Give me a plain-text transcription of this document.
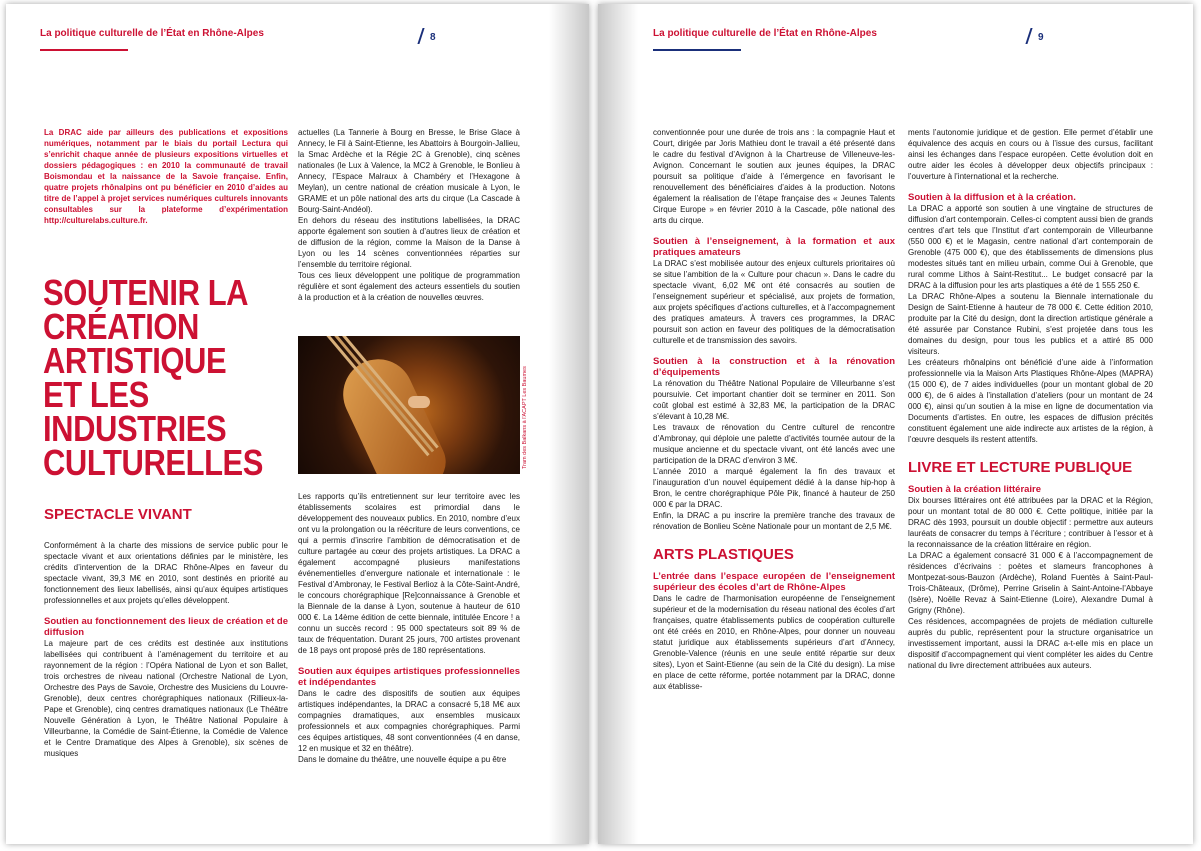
La politique culturelle de l’État en Rhône-Alpes	8
La DRAC aide par ailleurs des publications et expositions numériques, notamment par le biais du portail Lectura qui s’enrichit chaque année de plusieurs expositions virtuelles et dossiers pédagogiques : en 2010 la communauté de travail Boismondau et la naissance de la Savoie française. Enfin, quatre projets rhônalpins ont pu bénéficier en 2010 d’aides au titre de l’appel à projet services numériques culturels innovants consultables sur la plateforme d’expérimentation http://culturelabs.culture.fr.
SOUTENIR LA CRÉATION ARTISTIQUE ET LES INDUSTRIES CULTURELLES

SPECTACLE VIVANT

Conformément à la charte des missions de service public pour le spectacle vivant et aux orientations définies par le ministère, les crédits d’intervention de la DRAC Rhône-Alpes en faveur du spectacle vivant, 39,3 M€ en 2010, sont destinés en priorité au fonctionnement des lieux labellisés, ainsi qu’aux équipes artistiques professionnelles et aux projets qu’elles développent.

Soutien au fonctionnement des lieux de création et de diffusion

La majeure part de ces crédits est destinée aux institutions labellisées qui contribuent à l’aménagement du territoire et au rayonnement de la région : l’Opéra National de Lyon et son Ballet, trois orchestres de niveau national (Orchestre National de Lyon, Orchestre des Pays de Savoie, Orchestre des Musiciens du Louvre-Grenoble), deux centres chorégraphiques nationaux (Rillieux-la-Pape et Grenoble), cinq centres dramatiques nationaux (Le Théâtre Nouvelle Génération à Lyon, le Théâtre National Populaire à Villeurbanne, la Comédie de Saint-Étienne, la Comédie de Valence et le Centre Dramatique des Alpes à Grenoble), six scènes de musiques

actuelles (La Tannerie à Bourg en Bresse, le Brise Glace à Annecy, le Fil à Saint-Etienne, les Abattoirs à Bourgoin-Jallieu, la Smac Ardèche et la Régie 2C à Grenoble), cinq scènes nationales (le Lux à Valence, la MC2 à Grenoble, le Bonlieu à Annecy, l’Espace Malraux à Chambéry et l’Hexagone à Meylan), un centre national de création musicale à Lyon, le GRAME et un pôle national des arts du cirque (La Cascade à Bourg-Saint-Andéol).

En dehors du réseau des institutions labellisées, la DRAC apporte également son soutien à d’autres lieux de création et de diffusion de la région, comme la Maison de la Danse à Lyon ou les 14 scènes conventionnées réparties sur l’ensemble du territoire régional.

Tous ces lieux développent une politique de programmation régulière et sont également des acteurs essentiels du soutien à la production et à la création de nouvelles œuvres.

Tram des Balkans à l'ACAPT Les Baumes

Les rapports qu’ils entretiennent sur leur territoire avec les établissements scolaires est primordial dans le développement des nouveaux publics. En 2010, nombre d’eux ont vu la prolongation ou la réécriture de leurs conventions, ce qui a permis d’inscrire l’ambition de démocratisation et de culture partagée au cœur des projets artistiques. La DRAC a également accompagné plusieurs manifestations événementielles d’envergure nationale et internationale : le Festival d’Ambronay, le Festival Berlioz à la Côte-Saint-André, le concours chorégraphique [Re]connaissance à Grenoble et la Biennale de la danse à Lyon, soutenue à hauteur de 610 000 €. La 14ème édition de cette biennale, intitulée Encore ! a connu un succès record : 95 000 spectateurs soit 89 % de taux de fréquentation. Durant 25 jours, 700 artistes provenant de 18 pays ont proposé près de 180 représentations.

Soutien aux équipes artistiques professionnelles et indépendantes

Dans le cadre des dispositifs de soutien aux équipes artistiques indépendantes, la DRAC a consacré 5,18 M€ aux compagnies dramatiques, aux ensembles musicaux professionnels et aux compagnies chorégraphiques. Parmi ces équipes artistiques, 48 sont conventionnées (4 en danse, 12 en musique et 32 en théâtre).

Dans le domaine du théâtre, une nouvelle équipe a pu être

La politique culturelle de l’État en Rhône-Alpes	9

conventionnée pour une durée de trois ans : la compagnie Haut et Court, dirigée par Joris Mathieu dont le travail a été présenté dans le cadre du festival d’Avignon à la Chartreuse de Villeneuve-les-Avignon. Concernant le soutien aux jeunes équipes, la DRAC poursuit sa politique d’aide à l’émergence en favorisant le renouvellement des bénéficiaires d’aides à la production. Notons également la réalisation de l’étape française des « Jeunes Talents Cirque Europe » en février 2010 à la Cascade, pôle national des arts du cirque.

Soutien à l’enseignement, à la formation et aux pratiques amateurs

La DRAC s’est mobilisée autour des enjeux culturels prioritaires où se situe l’ambition de la « Culture pour chacun ». Dans le cadre du spectacle vivant, 6,02 M€ ont été consacrés au soutien de l’enseignement supérieur et spécialisé, aux projets de formation, aux projets spécifiques d’actions culturelles, et à l’accompagnement des pratiques amateurs. À travers ces programmes, la DRAC poursuit son action en faveur des politiques de la démocratisation culturelle et de transmission des savoirs.

Soutien à la construction et à la rénovation d’équipements

La rénovation du Théâtre National Populaire de Villeurbanne s’est poursuivie. Cet important chantier doit se terminer en 2011. Son coût global est estimé à 32,83 M€, la participation de la DRAC s’élevant à 10,28 M€.

Les travaux de rénovation du Centre culturel de rencontre d’Ambronay, qui déploie une palette d’activités tournée autour de la musique ancienne et du spectacle vivant, ont été lancés avec une participation de la DRAC d’environ 3 M€.

L’année 2010 a marqué également la fin des travaux et l’inauguration d’un nouvel équipement dédié à la danse hip-hop à Bron, le centre chorégraphique Pôle Pik, financé à hauteur de 250 000 € par la DRAC.

Enfin, la DRAC a pu inscrire la première tranche des travaux de rénovation de Bonlieu Scène Nationale pour un montant de 2,5 M€.

ARTS PLASTIQUES

L’entrée dans l’espace européen de l’enseignement supérieur des écoles d’art de Rhône-Alpes

Dans le cadre de l’harmonisation européenne de l’enseignement supérieur et de la modernisation du réseau national des écoles d’art françaises, quatre établissements publics de coopération culturelle ont été créés en 2010, en Rhône-Alpes, pour donner un nouveau statut juridique aux établissements supérieurs d’art d’Annecy, Grenoble-Valence (réunis en une seule entité répartie sur deux sites), Lyon et Saint-Etienne (au sein de la Cité du design). La mise en place de cette réforme, portée notamment par la DRAC, donne aux établisse-

ments l’autonomie juridique et de gestion. Elle permet d’établir une équivalence des acquis en cours ou à l’issue des cursus, facilitant ainsi les échanges dans l’espace européen. Cette évolution doit en outre aider les écoles à développer deux objectifs principaux : l’ouverture à l’international et la recherche.

Soutien à la diffusion et à la création.

La DRAC a apporté son soutien à une vingtaine de structures de diffusion d’art contemporain. Celles-ci comptent aussi bien de grands centres d’art tels que l’Institut d’art contemporain de Villeurbanne (550 000 €) et le Magasin, centre national d’art contemporain de Grenoble (475 000 €), que des établissements de dimensions plus modestes situés tant en milieu urbain, comme Oui à Grenoble, que rural comme Lithos à Saint-Restitut... Le budget consacré par la DRAC à la diffusion pour les arts plastiques a été de 1 555 250 €.

La DRAC Rhône-Alpes a soutenu la Biennale internationale du Design de Saint-Etienne à hauteur de 78 000 €. Cette édition 2010, produite par la Cité du design, dont la direction artistique générale a été assurée par Constance Rubini, s’est projetée dans tous les domaines du design, pour tous les publics et a attiré 85 000 visiteurs.

Les créateurs rhônalpins ont bénéficié d’une aide à l’information professionnelle via la Maison Arts Plastiques Rhône-Alpes (MAPRA) (15 000 €), de 7 aides individuelles (pour un montant global de 20 000 €), de 6 aides à l’installation d’ateliers (pour un montant de 24 000 €), ainsi qu’un soutien à la mise en ligne de documentation via Documents d’artistes. En outre, les espaces de diffusion précités constituent également une aide indirecte aux artistes de la région, à l’œuvre desquels ils restent attentifs.

LIVRE ET LECTURE PUBLIQUE

Soutien à la création littéraire

Dix bourses littéraires ont été attribuées par la DRAC et la Région, pour un montant total de 80 000 €. Cette politique, initiée par la DRAC dès 1993, poursuit un double objectif : permettre aux auteurs lauréats de consacrer du temps à l’écriture ; contribuer à l’essor et à la reconnaissance de la création littéraire en région.

La DRAC a également consacré 31 000 € à l’accompagnement de résidences d’écrivains : poètes et slameurs francophones à Montpezat-sous-Bauzon (Ardèche), Roland Fuentès à Saint-Paul-Trois-Châteaux, (Drôme), Perrine Griselin à Saint-Antoine-l’Abbaye (Isère), Noëlle Revaz à Saint-Etienne (Loire), Alexandre Dumal à Grigny (Rhône).

Ces résidences, accompagnées de projets de médiation culturelle auprès du public, représentent pour la structure organisatrice un investissement important, aussi la DRAC a-t-elle mis en place un dispositif d’accompagnement qui vient compléter les aides du Centre national du livre directement attribuées aux auteurs.
